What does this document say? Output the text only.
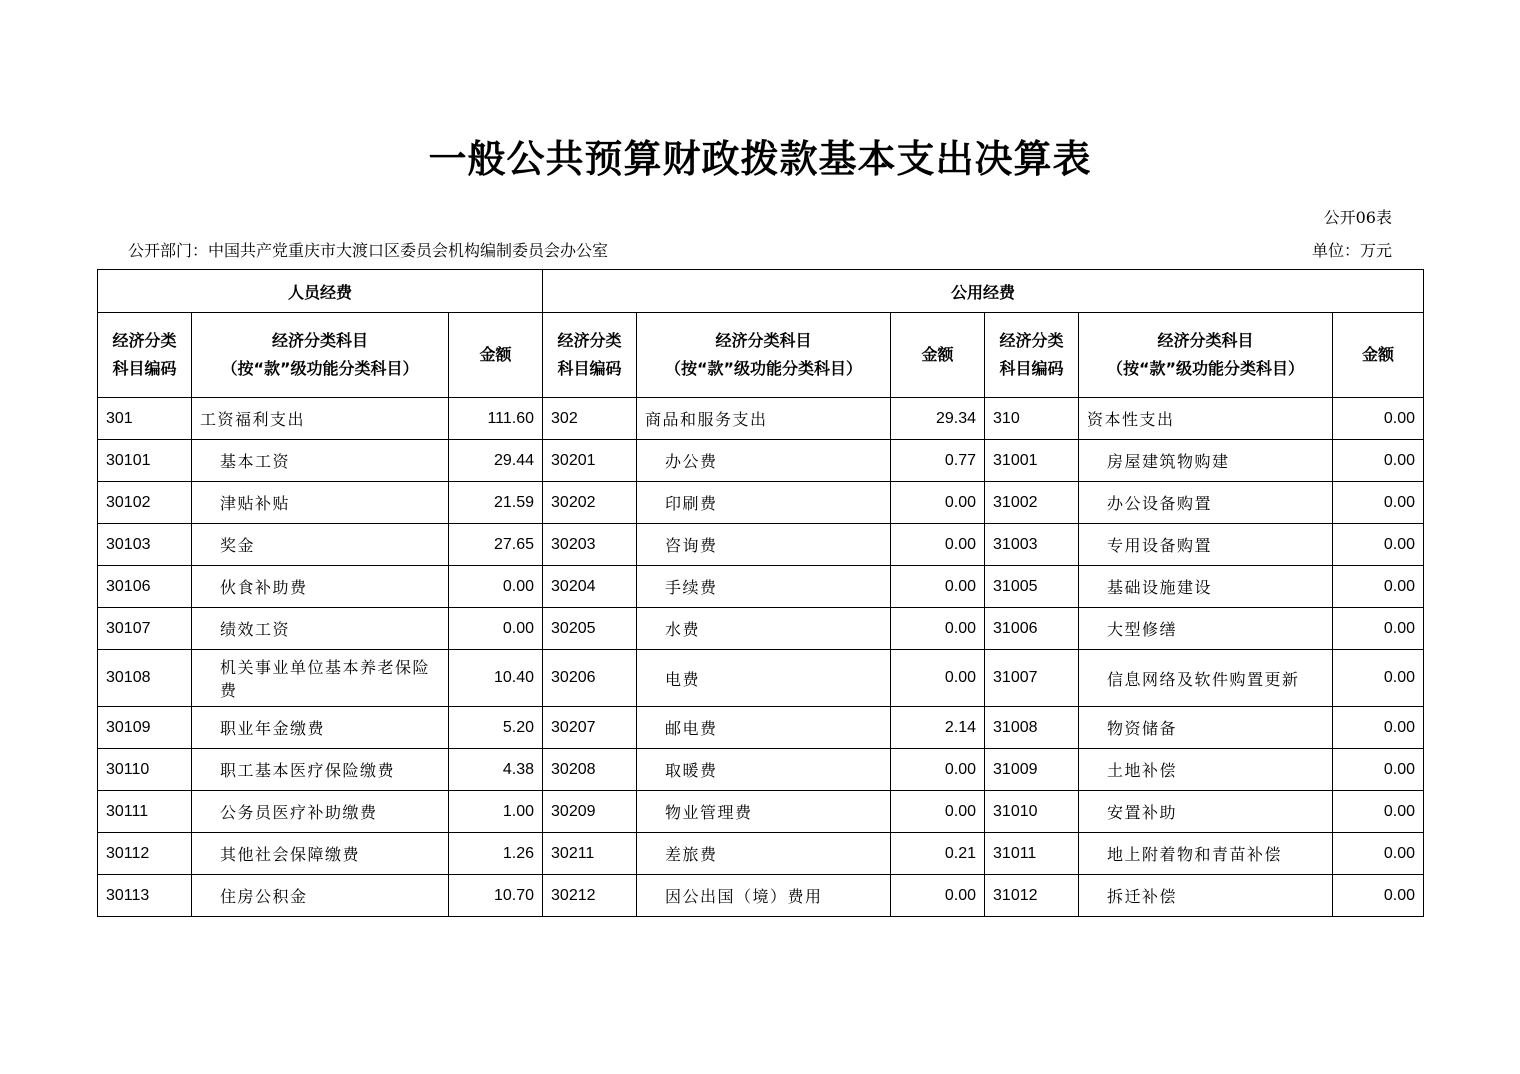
一般公共预算财政拨款基本支出决算表
公开06表
公开部门：中国共产党重庆市大渡口区委员会机构编制委员会办公室	单位：万元
人员经费			公用经费					
经济分类
科目编码	经济分类科目
（按“款”级功能分类科目）	金额	经济分类
科目编码	经济分类科目
（按“款”级功能分类科目）	金额	经济分类
科目编码	经济分类科目
（按“款”级功能分类科目）	金额
301	工资福利支出	111.60	302	商品和服务支出	29.34	310	资本性支出	0.00
30101	基本工资	29.44	30201	办公费	0.77	31001	房屋建筑物购建	0.00
30102	津贴补贴	21.59	30202	印刷费	0.00	31002	办公设备购置	0.00
30103	奖金	27.65	30203	咨询费	0.00	31003	专用设备购置	0.00
30106	伙食补助费	0.00	30204	手续费	0.00	31005	基础设施建设	0.00
30107	绩效工资	0.00	30205	水费	0.00	31006	大型修缮	0.00
30108	机关事业单位基本养老保险费	10.40	30206	电费	0.00	31007	信息网络及软件购置更新	0.00
30109	职业年金缴费	5.20	30207	邮电费	2.14	31008	物资储备	0.00
30110	职工基本医疗保险缴费	4.38	30208	取暖费	0.00	31009	土地补偿	0.00
30111	公务员医疗补助缴费	1.00	30209	物业管理费	0.00	31010	安置补助	0.00
30112	其他社会保障缴费	1.26	30211	差旅费	0.21	31011	地上附着物和青苗补偿	0.00
30113	住房公积金	10.70	30212	因公出国（境）费用	0.00	31012	拆迁补偿	0.00
